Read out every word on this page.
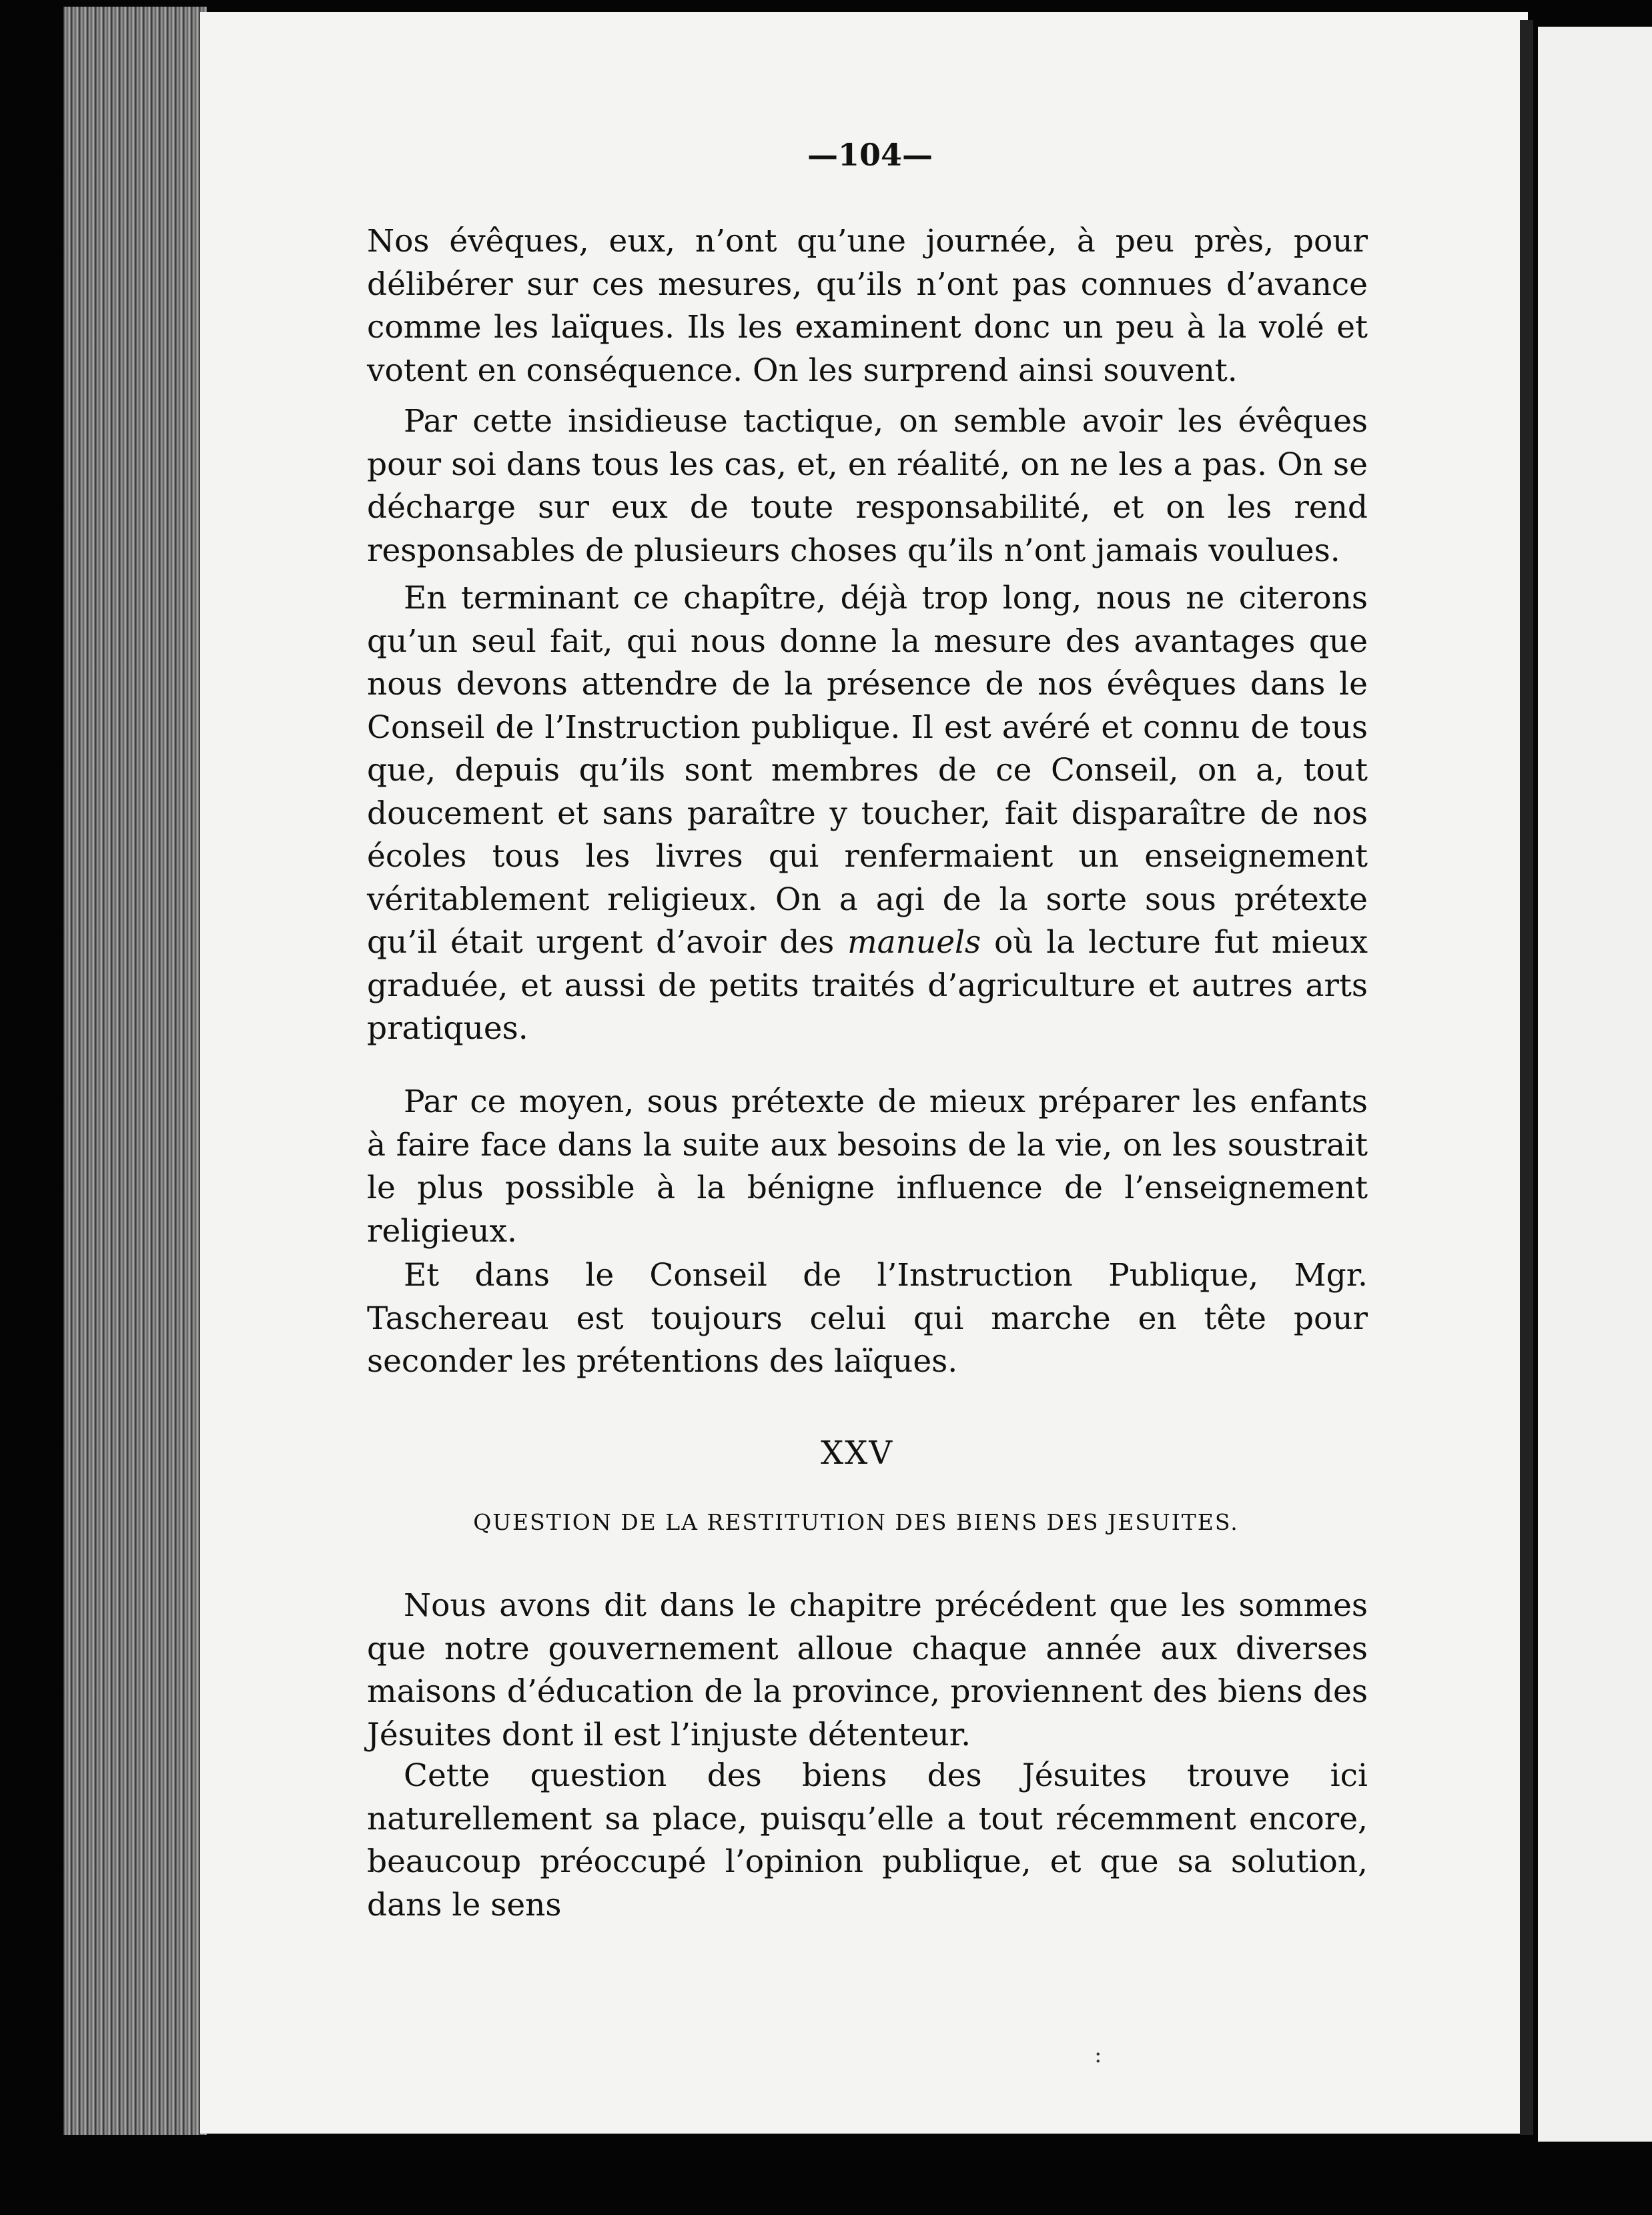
—104—

Nos évêques, eux, n’ont qu’une journée, à peu près, pour délibérer sur ces mesures, qu’ils n’ont pas connues d’avance comme les laïques. Ils les examinent donc un peu à la volé et votent en conséquence. On les surprend ainsi souvent.

Par cette insidieuse tactique, on semble avoir les évêques pour soi dans tous les cas, et, en réalité, on ne les a pas. On se décharge sur eux de toute responsabilité, et on les rend responsables de plusieurs choses qu’ils n’ont jamais voulues.

En terminant ce chapître, déjà trop long, nous ne citerons qu’un seul fait, qui nous donne la mesure des avantages que nous devons attendre de la présence de nos évêques dans le Conseil de l’Instruction publique. Il est avéré et connu de tous que, depuis qu’ils sont membres de ce Conseil, on a, tout doucement et sans paraître y toucher, fait disparaître de nos écoles tous les livres qui renfermaient un enseignement véritablement religieux. On a agi de la sorte sous prétexte qu’il était urgent d’avoir des manuels où la lecture fut mieux graduée, et aussi de petits traités d’agriculture et autres arts pratiques.

Par ce moyen, sous prétexte de mieux préparer les enfants à faire face dans la suite aux besoins de la vie, on les soustrait le plus possible à la bénigne influence de l’enseignement religieux.

Et dans le Conseil de l’Instruction Publique, Mgr. Taschereau est toujours celui qui marche en tête pour seconder les prétentions des laïques.

XXV
QUESTION DE LA RESTITUTION DES BIENS DES JESUITES.

Nous avons dit dans le chapitre précédent que les sommes que notre gouvernement alloue chaque année aux diverses maisons d’éducation de la province, proviennent des biens des Jésuites dont il est l’injuste détenteur.

Cette question des biens des Jésuites trouve ici naturellement sa place, puisqu’elle a tout récemment encore, beaucoup préoccupé l’opinion publique, et que sa solution, dans le sens

:
